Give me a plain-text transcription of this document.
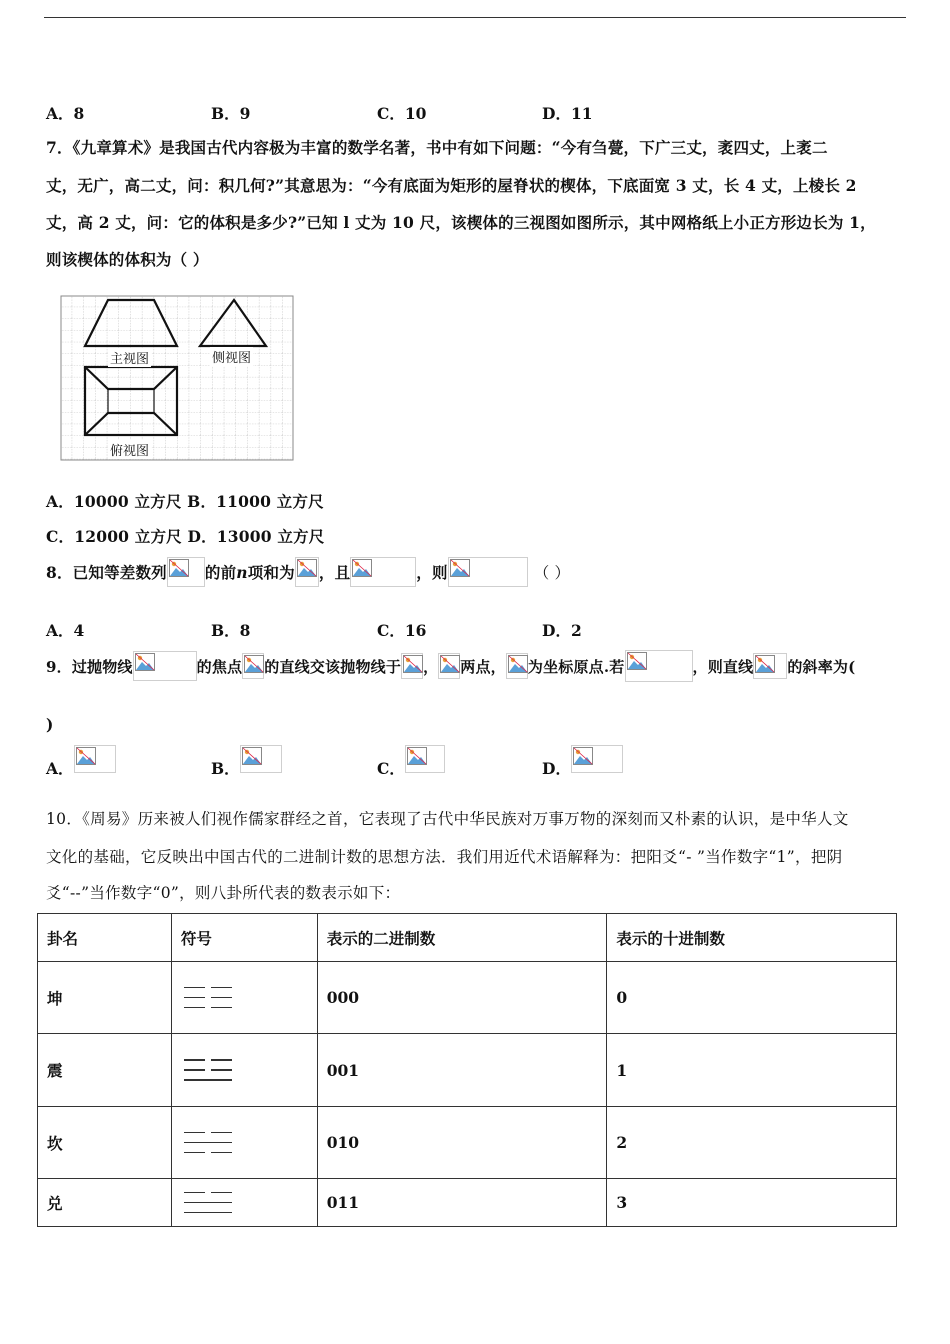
A．8	B．9	C．10	D．11
7．《九章算术》是我国古代内容极为丰富的数学名著，书中有如下问题：“今有刍甍，下广三丈，袤四丈，上袤二
丈，无广，高二丈，问：积几何?”其意思为：“今有底面为矩形的屋脊状的楔体，下底面宽 3 丈，长 4 丈，上棱长 2
丈，高 2 丈，问：它的体积是多少?”已知 l 丈为 10 尺，该楔体的三视图如图所示，其中网格纸上小正方形边长为 1，
则该楔体的体积为（ ）
主视图	侧视图
俯视图
A．10000 立方尺 B．11000 立方尺
C．12000 立方尺 D．13000 立方尺
8．已知等差数列 的前 n 项和为 ，且	，则	（ ）
A．4	B．8	C．16	D．2
9．过抛物线	的焦点 的直线交该抛物线于 ， 两点， 为坐标原点.若	，则直线 的斜率为(
)
A．	B．	C．	D．
10．《周易》历来被人们视作儒家群经之首，它表现了古代中华民族对万事万物的深刻而又朴素的认识，是中华人文
文化的基础，它反映出中国古代的二进制计数的思想方法．我们用近代术语解释为：把阳爻“- ”当作数字“1”，把阴
爻“--”当作数字“0”，则八卦所代表的数表示如下：
卦名	符号	表示的二进制数	表示的十进制数
坤		000	0
震		001	1
坎		010	2
兑		011	3
